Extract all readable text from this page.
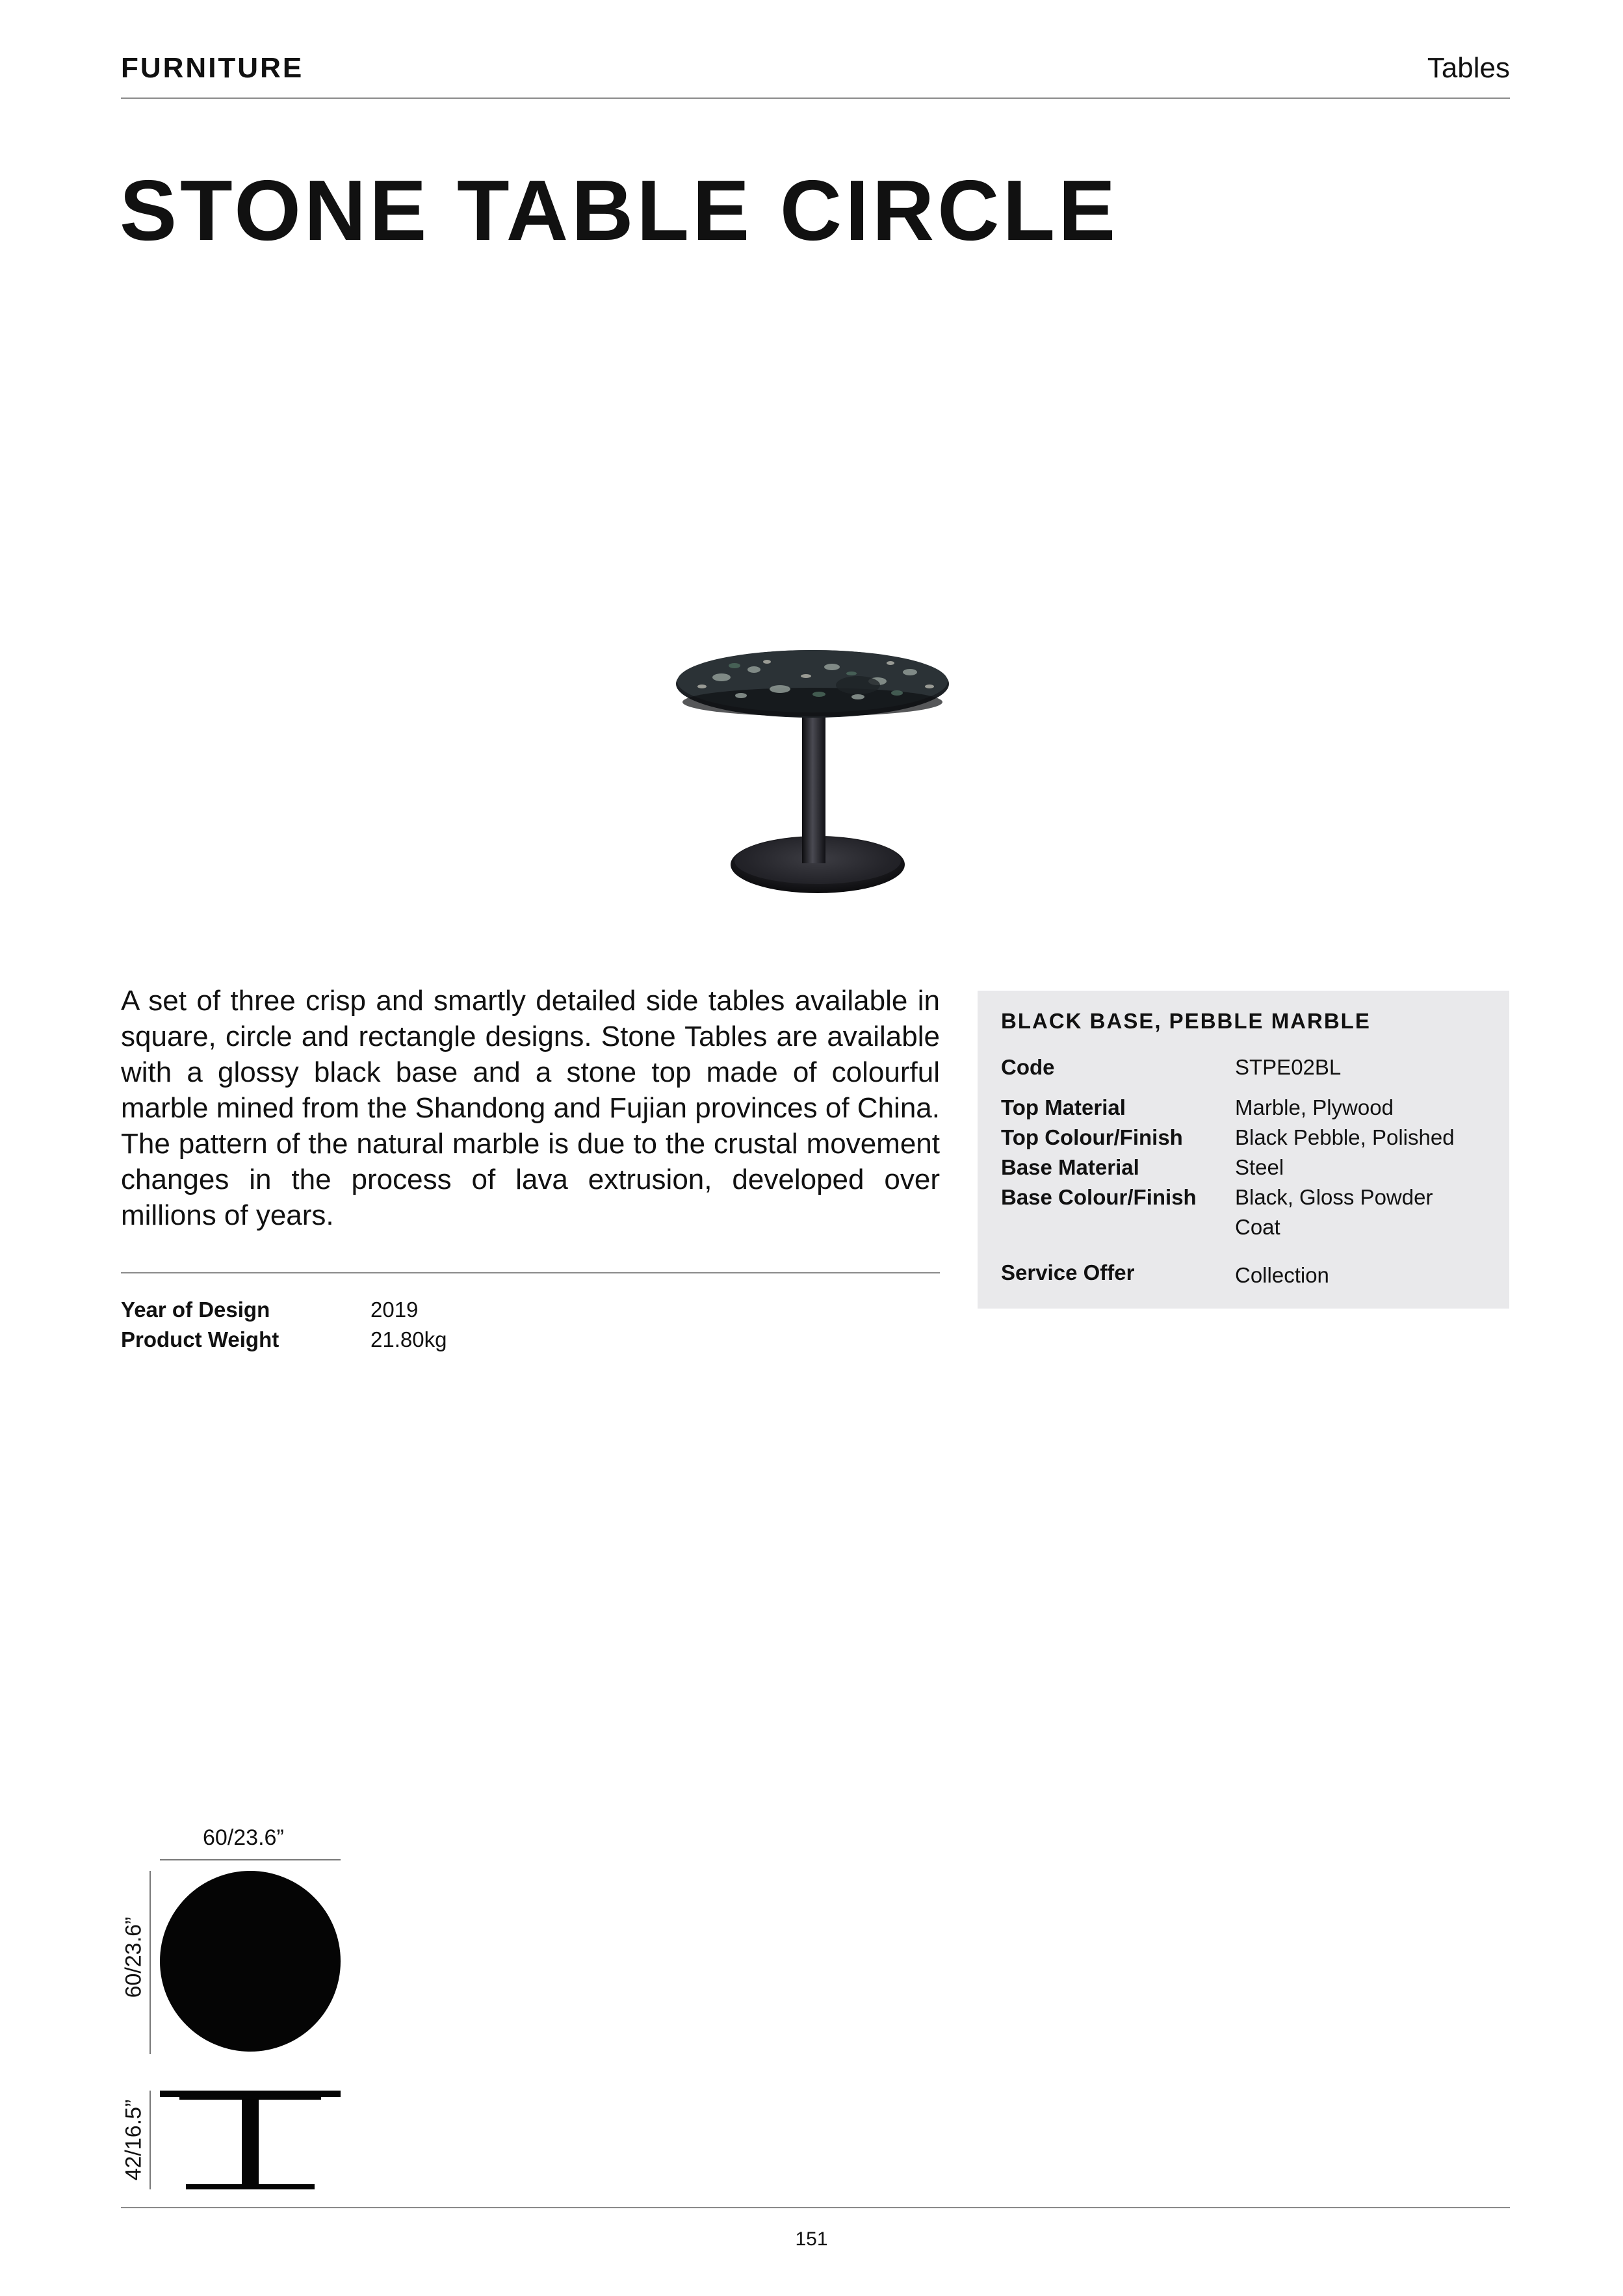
FURNITURE	Tables
STONE TABLE CIRCLE
A set of three crisp and smartly detailed side tables available in square, circle and rectangle designs. Stone Tables are available with a glossy black base and a stone top made of colourful marble mined from the Shandong and Fujian provinces of China. The pattern of the natural marble is due to the crustal movement changes in the process of lava extrusion, developed over millions of years.
Year of Design	2019
Product Weight	21.80kg
BLACK BASE, PEBBLE MARBLE
Code	STPE02BL
Top Material	Marble, Plywood
Top Colour/Finish	Black Pebble, Polished
Base Material	Steel
Base Colour/Finish	Black, Gloss Powder Coat
Service Offer	Collection
60/23.6”
60/23.6”
42/16.5”
151
